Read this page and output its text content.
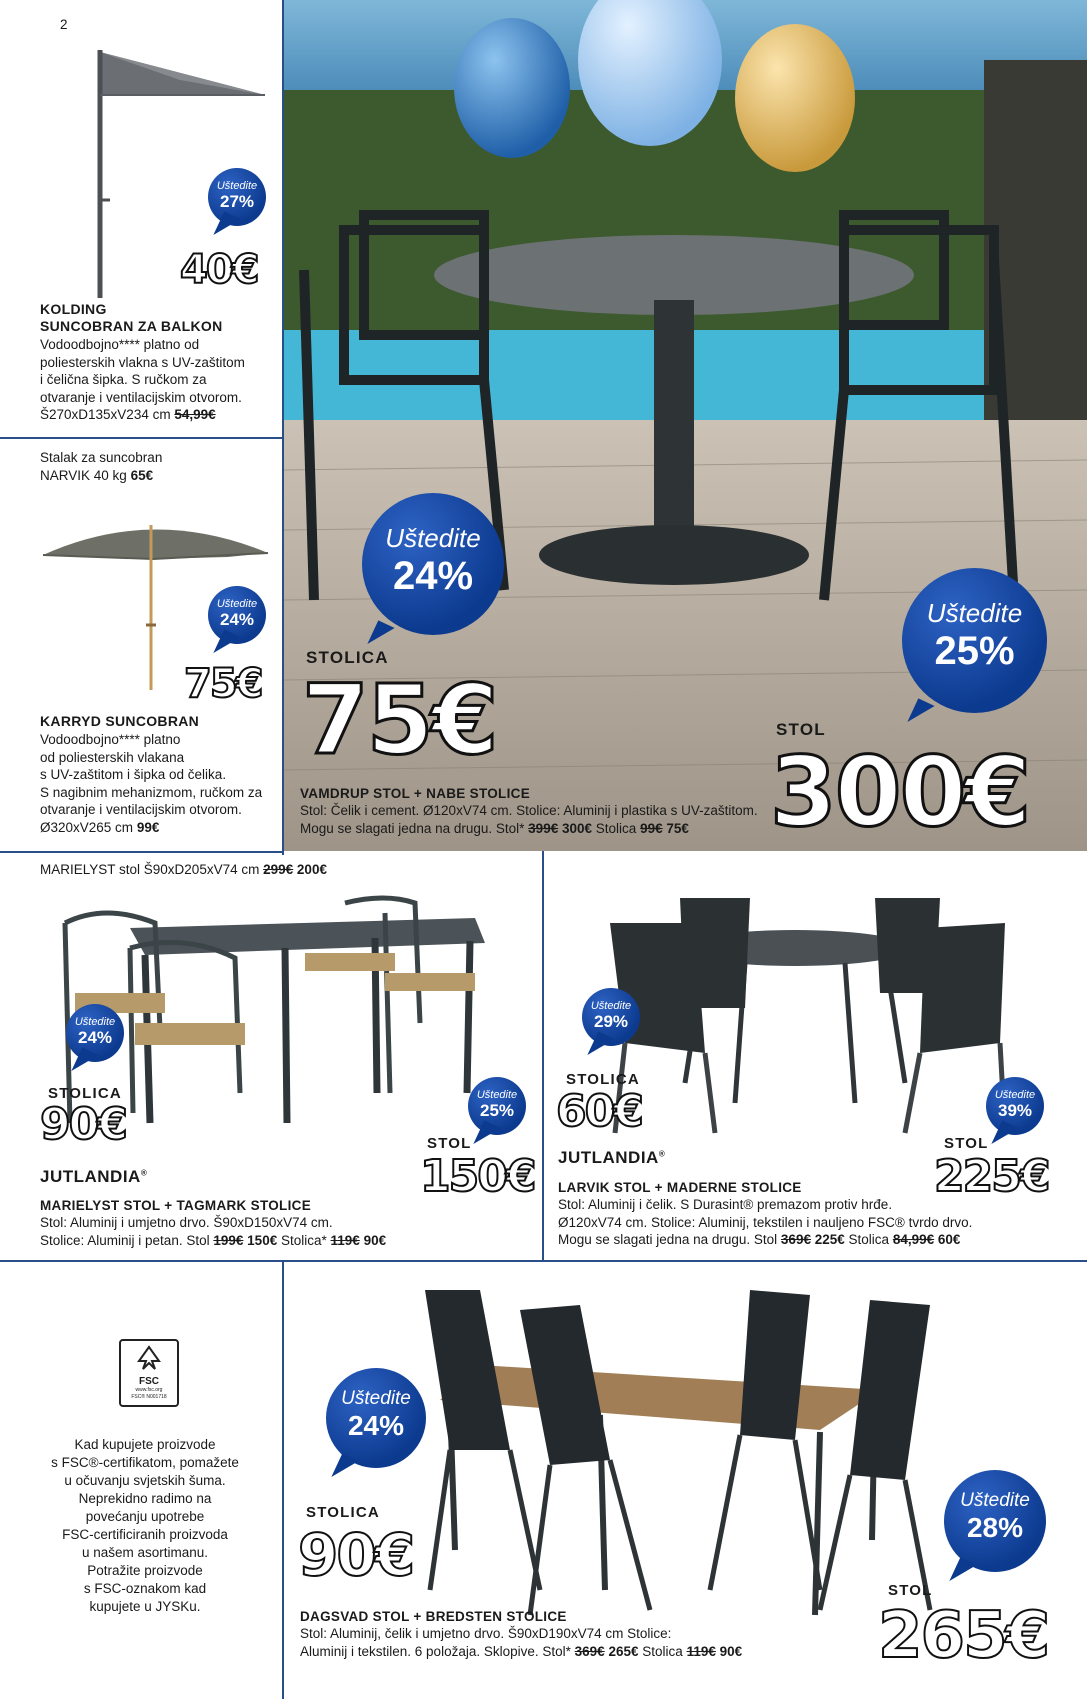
2
Uštedite
27%
40€
KOLDING
SUNCOBRAN ZA BALKON
Vodoodbojno**** platno od
poliesterskih vlakna s UV-zaštitom
i čelična šipka. S ručkom za
otvaranje i ventilacijskim otvorom.
Š270xD135xV234 cm 54,99€
Stalak za suncobran
NARVIK 40 kg 65€
Uštedite
24%
75€
KARRYD SUNCOBRAN
Vodoodbojno**** platno
od poliesterskih vlakana
s UV-zaštitom i šipka od čelika.
S nagibnim mehanizmom, ručkom za
otvaranje i ventilacijskim otvorom.
Ø320xV265 cm 99€
Uštedite
24%
Uštedite
25%
STOLICA
75€	STOL
300€
VAMDRUP STOL + NABE STOLICE
Stol: Čelik i cement. Ø120xV74 cm. Stolice: Aluminij i plastika s UV-zaštitom.
Mogu se slagati jedna na drugu. Stol* 399€ 300€ Stolica 99€ 75€
MARIELYST stol Š90xD205xV74 cm 299€ 200€
Uštedite
24%
STOLICA
90€
Uštedite
25%
STOL
150€
JUTLANDIA®
MARIELYST STOL + TAGMARK STOLICE
Stol: Aluminij i umjetno drvo. Š90xD150xV74 cm.
Stolice: Aluminij i petan. Stol 199€ 150€ Stolica* 119€ 90€
Uštedite
29%
STOLICA
60€	Uštedite
39%
STOL
225€
JUTLANDIA®
LARVIK STOL + MADERNE STOLICE
Stol: Aluminij i čelik. S Durasint® premazom protiv hrđe.
Ø120xV74 cm. Stolice: Aluminij, tekstilen i nauljeno FSC® tvrdo drvo.
Mogu se slagati jedna na drugu. Stol 369€ 225€ Stolica 84,99€ 60€
FSC
www.fsc.org
FSC® N001718
Kad kupujete proizvode
s FSC®-certifikatom, pomažete
u očuvanju svjetskih šuma.
Neprekidno radimo na
povećanju upotrebe
FSC-certificiranih proizvoda
u našem asortimanu.
Potražite proizvode
s FSC-oznakom kad
kupujete u JYSKu.
Uštedite
24%
STOLICA
90€
Uštedite
28%
STOL
265€
DAGSVAD STOL + BREDSTEN STOLICE
Stol: Aluminij, čelik i umjetno drvo. Š90xD190xV74 cm Stolice:
Aluminij i tekstilen. 6 položaja. Sklopive. Stol* 369€ 265€ Stolica 119€ 90€
